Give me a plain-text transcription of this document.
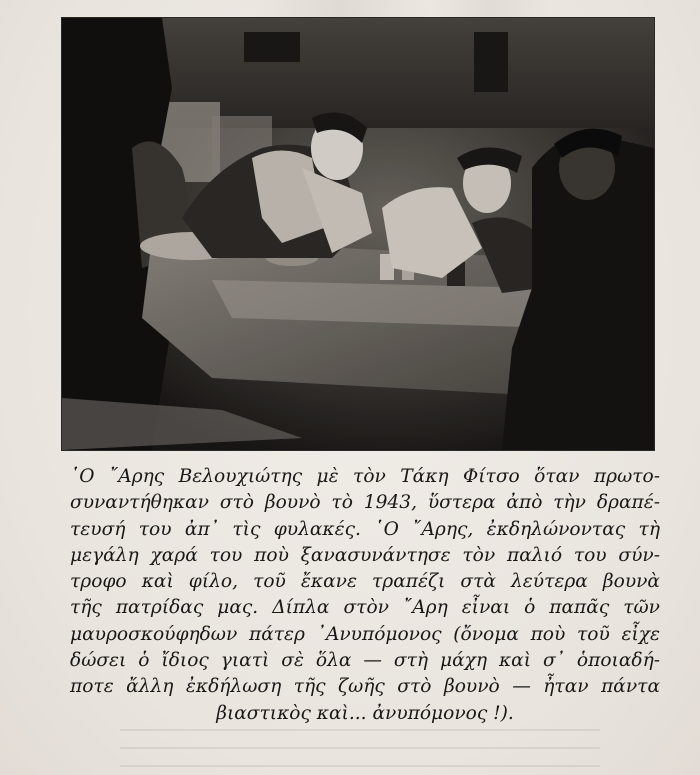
῾Ο ῎Αρης Βελουχιώτης μὲ τὸν Τάκη Φίτσο ὅταν πρωτο-
συναντήθηκαν στὸ βουνὸ τὸ 1943, ὕστερα ἀπὸ τὴν δραπέ-
τευσή του ἀπ᾽ τὶς φυλακές. ῾Ο ῎Αρης, ἐκδηλώνοντας τὴ
μεγάλη χαρά του ποὺ ξανασυνάντησε τὸν παλιό του σύν-
τροφο καὶ φίλο, τοῦ ἔκανε τραπέζι στὰ λεύτερα βουνὰ
τῆς πατρίδας μας. Δίπλα στὸν ῎Αρη εἶναι ὁ παπᾶς τῶν
μαυροσκούφηδων πάτερ ᾽Ανυπόμονος (ὄνομα ποὺ τοῦ εἶχε
δώσει ὁ ἴδιος γιατὶ σὲ ὅλα — στὴ μάχη καὶ σ᾽ ὁποιαδή-
ποτε ἄλλη ἐκδήλωση τῆς ζωῆς στὸ βουνὸ — ἦταν πάντα
βιαστικὸς καὶ... ἀνυπόμονος !).
